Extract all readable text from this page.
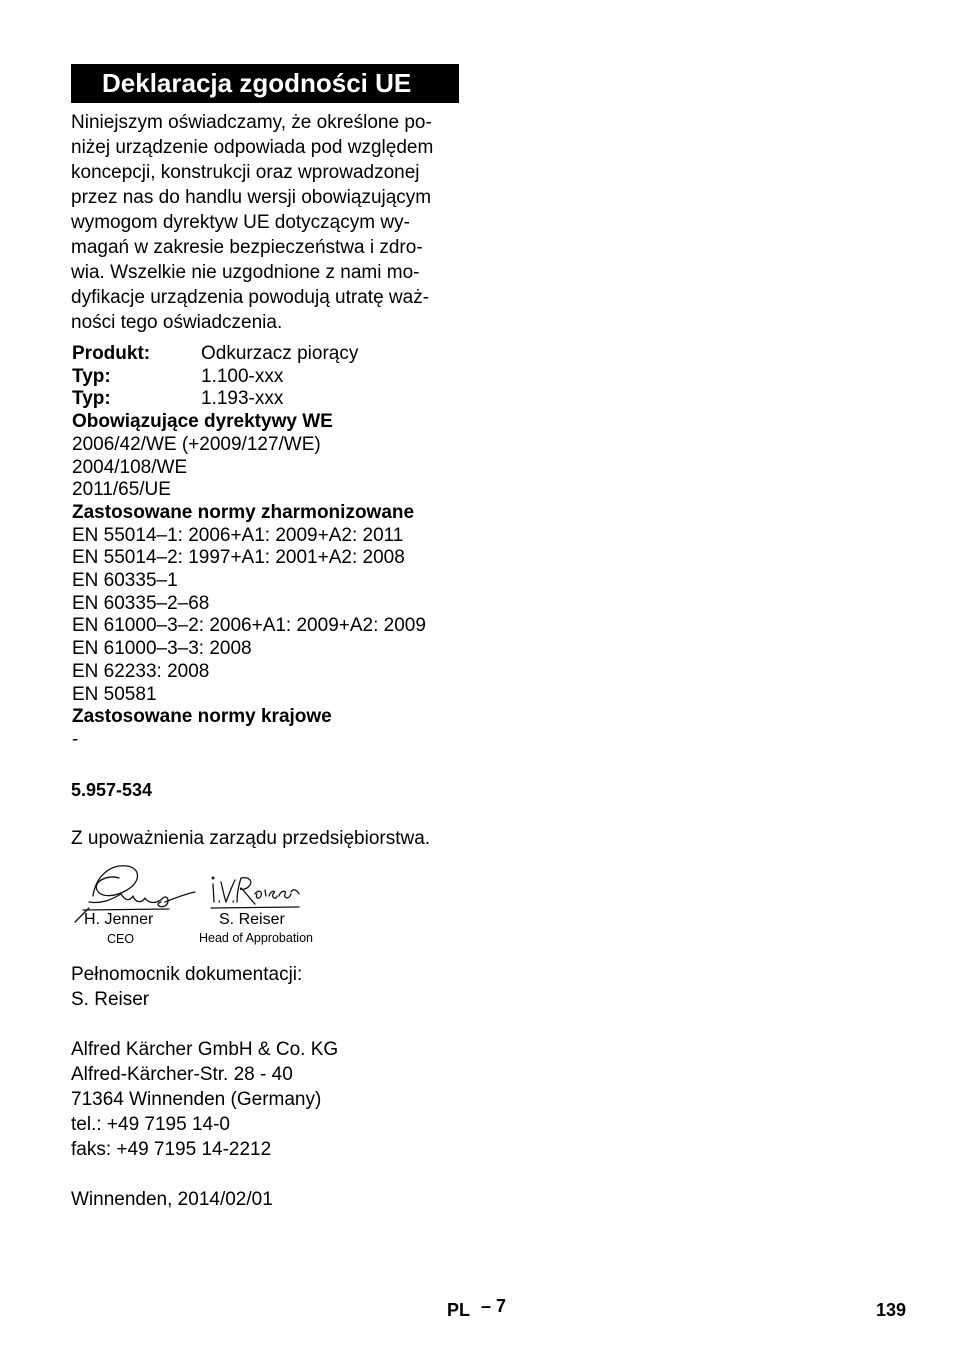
Deklaracja zgodności UE
Niniejszym oświadczamy, że określone po-
niżej urządzenie odpowiada pod względem
koncepcji, konstrukcji oraz wprowadzonej
przez nas do handlu wersji obowiązującym
wymogom dyrektyw UE dotyczącym wy-
magań w zakresie bezpieczeństwa i zdro-
wia. Wszelkie nie uzgodnione z nami mo-
dyfikacje urządzenia powodują utratę waż-
ności tego oświadczenia.
Produkt:	Odkurzacz piorący
Typ:	1.100-xxx
Typ:	1.193-xxx
Obowiązujące dyrektywy WE
2006/42/WE (+2009/127/WE)
2004/108/WE
2011/65/UE
Zastosowane normy zharmonizowane
EN 55014–1: 2006+A1: 2009+A2: 2011
EN 55014–2: 1997+A1: 2001+A2: 2008
EN 60335–1
EN 60335–2–68
EN 61000–3–2: 2006+A1: 2009+A2: 2009
EN 61000–3–3: 2008
EN 62233: 2008
EN 50581
Zastosowane normy krajowe
-
5.957-534
Z upoważnienia zarządu przedsiębiorstwa.
H. Jenner
CEO
S. Reiser
Head of Approbation
Pełnomocnik dokumentacji:
S. Reiser
Alfred Kärcher GmbH & Co. KG
Alfred-Kärcher-Str. 28 - 40
71364 Winnenden (Germany)
tel.: +49 7195 14-0
faks: +49 7195 14-2212
Winnenden, 2014/02/01
PL – 7	139
